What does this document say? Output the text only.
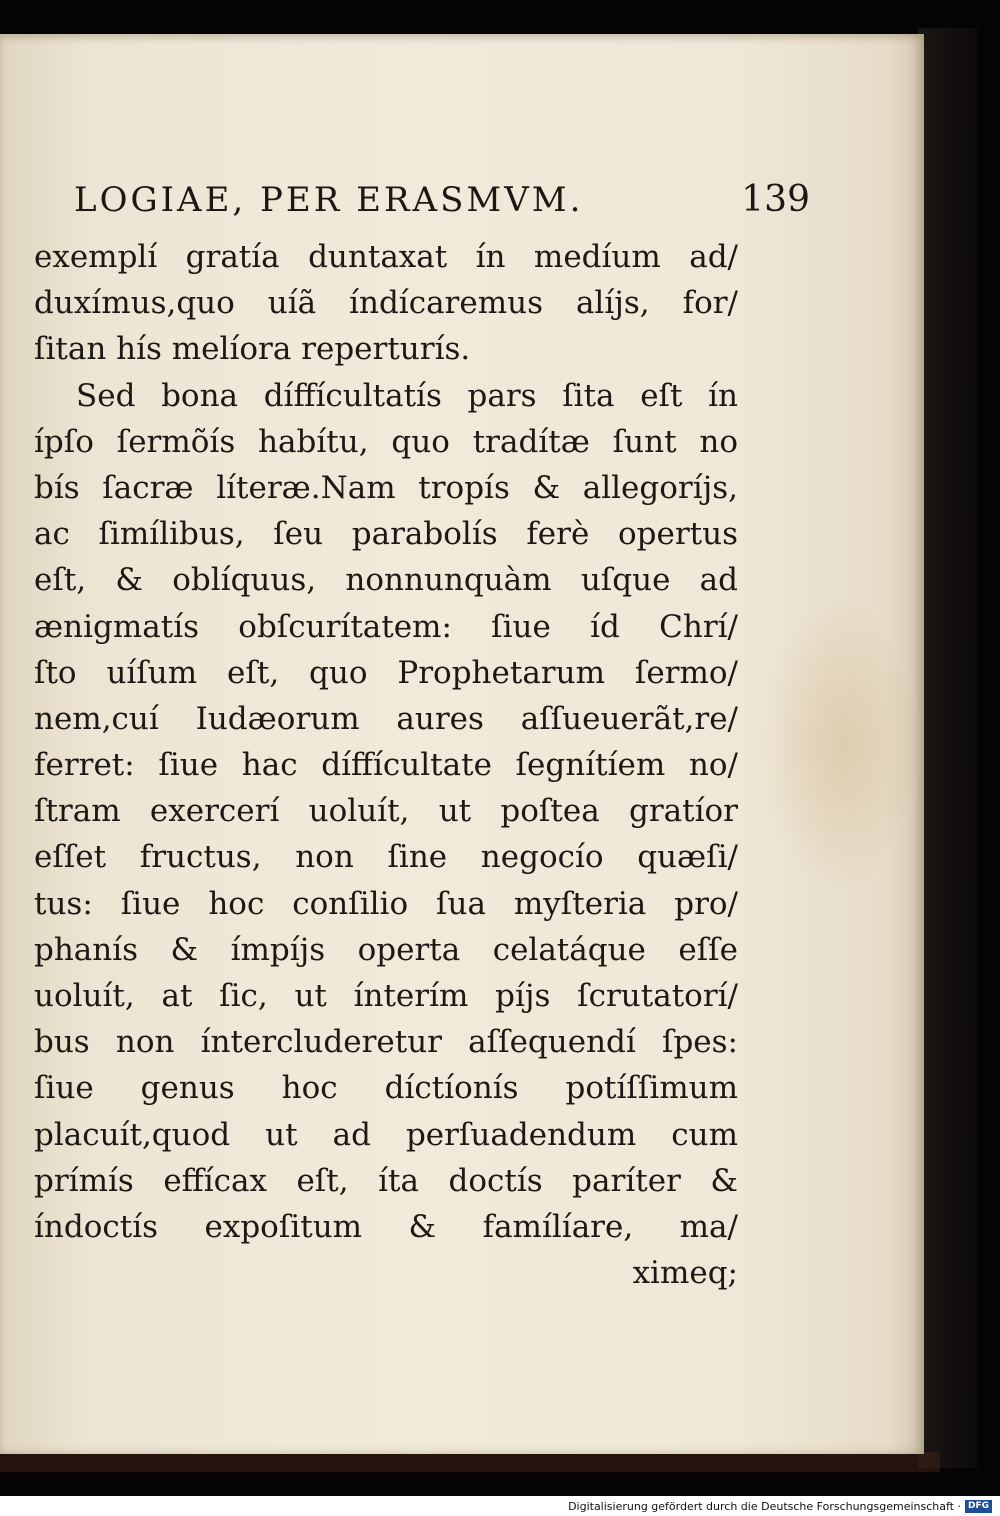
LOGIAE, PER ERASMVM.	139
exemplí gratía duntaxat ín medíum ad/
duxímus,quo uíã índícaremus alíjs, for/
ſitan hís melíora reperturís.
Sed bona díffícultatís pars ſita eſt ín
ípſo ſermõís habítu, quo tradítæ ſunt no
bís ſacræ líteræ.Nam tropís & allegoríjs,
ac ſimílibus, ſeu parabolís ferè opertus
eſt, & oblíquus, nonnunquàm uſque ad
ænigmatís obſcurítatem: ſiue íd Chrí/
ſto uíſum eſt, quo Prophetarum ſermo/
nem,cuí Iudæorum aures aſſueuerãt,re/
ferret: ſiue hac díffícultate ſegnítíem no/
ſtram exercerí uoluít, ut poſtea gratíor
eſſet fructus, non ſine negocío quæſi/
tus: ſiue hoc conſilio ſua myſteria pro/
phanís & ímpíjs operta celatáque eſſe
uoluít, at ſic, ut ínterím píjs ſcrutatorí/
bus non íntercluderetur aſſequendí ſpes:
ſiue genus hoc díctíonís potíſſimum
placuít,quod ut ad perſuadendum cum
prímís effícax eſt, íta doctís paríter &
índoctís expoſitum & famílíare, ma/
ximeq;
Digitalisierung gefördert durch die Deutsche Forschungsgemeinschaft · DFG
